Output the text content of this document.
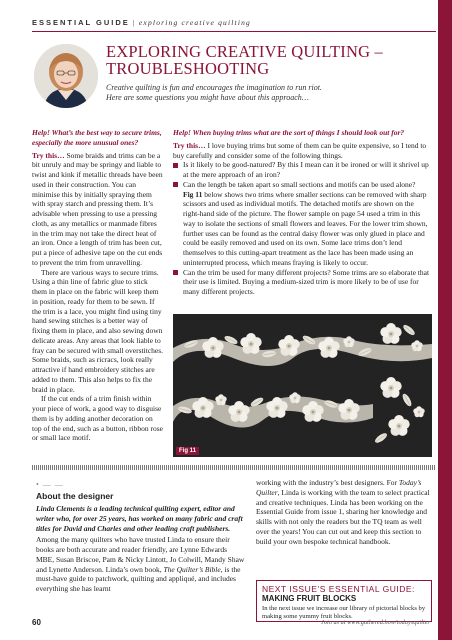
ESSENTIAL GUIDE | exploring creative quilting
EXPLORING CREATIVE QUILTING – TROUBLESHOOTING

Creative quilting is fun and encourages the imagination to run riot.

Here are some questions you might have about this approach…

Help! What’s the best way to secure trims, especially the more unusual ones?

Try this… Some braids and trims can be a bit unruly and may be springy and liable to twist and kink if metallic threads have been used in their construction. You can minimise this by initially spraying them with spray starch and pressing them. It’s advisable when pressing to use a pressing cloth, as any metallics or manmade fibres in the trim may not take the direct heat of an iron. Once a length of trim has been cut, put a piece of adhesive tape on the cut ends to prevent the trim from unravelling.

There are various ways to secure trims. Using a thin line of fabric glue to stick them in place on the fabric will keep them in position, ready for them to be sewn. If the trim is a lace, you might find using tiny hand sewing stitches is a better way of fixing them in place, and also sewing down delicate areas. Any areas that look liable to fray can be secured with small overstitches. Some braids, such as ricracs, look really attractive if hand embroidery stitches are added to them. This also helps to fix the braid in place.

If the cut ends of a trim finish within your piece of work, a good way to disguise them is by adding another decoration on top of the end, such as a button, ribbon rose or small lace motif.

Help! When buying trims what are the sort of things I should look out for?

Try this… I love buying trims but some of them can be quite expensive, so I tend to buy carefully and consider some of the following things.

Is it likely to be good-natured? By this I mean can it be ironed or will it shrivel up at the mere approach of an iron?

Can the length be taken apart so small sections and motifs can be used alone?
Fig 11 below shows two trims where smaller sections can be removed with sharp scissors and used as individual motifs. The detached motifs are shown on the right-hand side of the picture. The flower sample on page 54 used a trim in this way to isolate the sections of small flowers and leaves. For the lower trim shown, further uses can be found as the central daisy flower was only glued in place and could be easily removed and used on its own. Some lace trims don’t lend themselves to this cutting-apart treatment as the lace has been made using an uninterrupted process, which means fraying is likely to occur.

Can the trim be used for many different projects? Some trims are so elaborate that their use is limited. Buying a medium-sized trim is more likely to be of use for many different projects.

Fig 11
• — —
About the designer

Linda Clements is a leading technical quilting expert, editor and writer who, for over 25 years, has worked on many fabric and craft titles for David and Charles and other leading craft publishers.

Among the many quilters who have trusted Linda to ensure their books are both accurate and reader friendly, are Lynne Edwards MBE, Susan Briscoe, Pam & Nicky Lintott, Jo Colwill, Mandy Shaw and Lynette Anderson. Linda’s own book, The Quilter’s Bible, is the must-have guide to patchwork, quilting and appliqué, and includes everything she has learnt

working with the industry’s best designers. For Today’s Quilter, Linda is working with the team to select practical and creative techniques. Linda has been working on the Essential Guide from issue 1, sharing her knowledge and skills with not only the readers but the TQ team as well over the years! You can cut out and keep this section to build your own bespoke technical handbook.

NEXT ISSUE’S ESSENTIAL GUIDE:
MAKING FRUIT BLOCKS
In the next issue we increase our library of pictorial blocks by making some yummy fruit blocks.
60	Join us at www.gathered.how/todaysquilter
